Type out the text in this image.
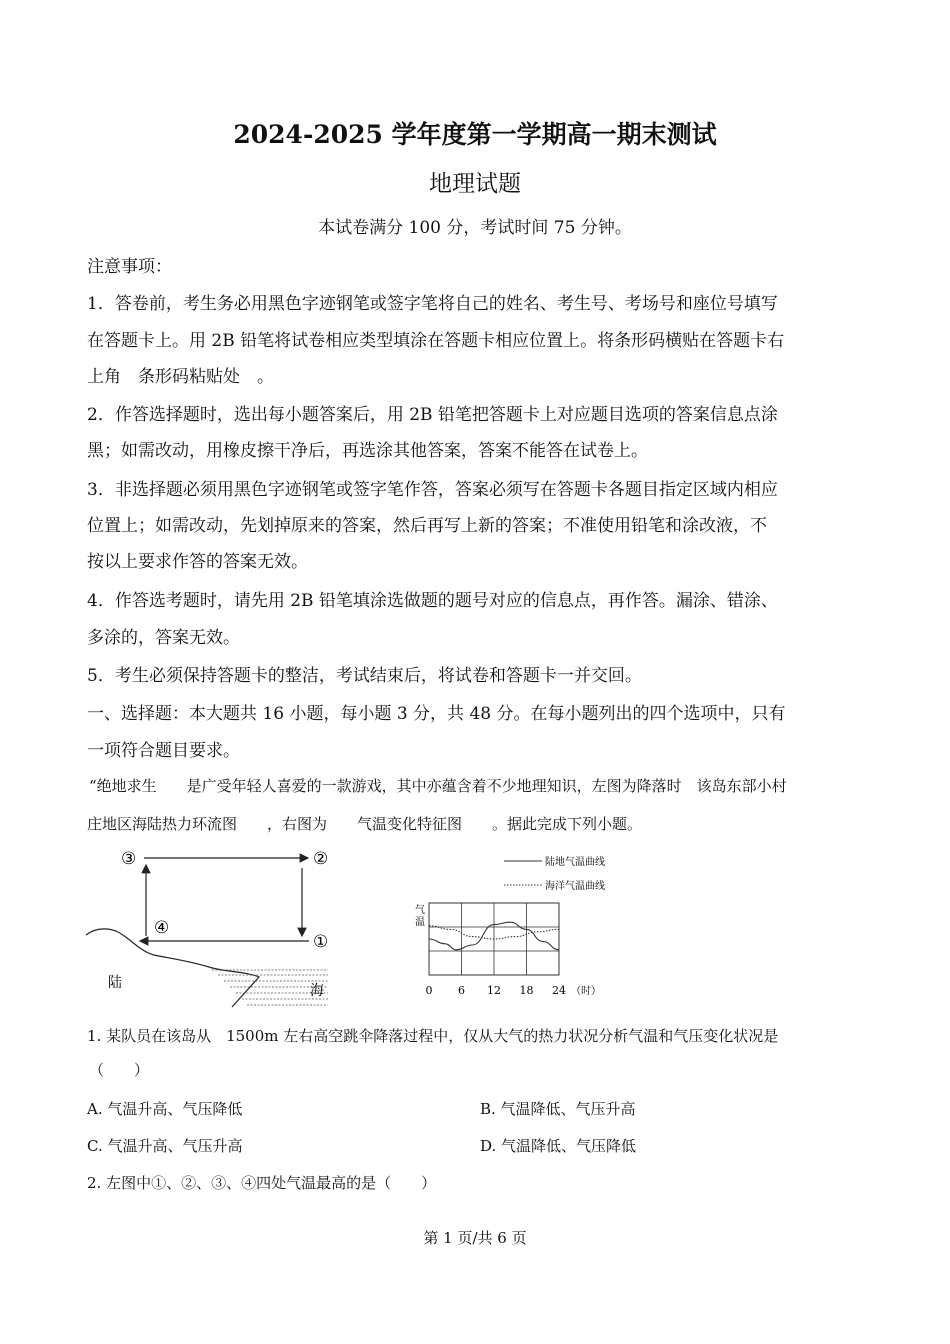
2024-2025 学年度第一学期高一期末测试
地理试题
本试卷满分 100 分，考试时间 75 分钟。
注意事项：
1．答卷前，考生务必用黑色字迹钢笔或签字笔将自己的姓名、考生号、考场号和座位号填写
在答题卡上。用 2B 铅笔将试卷相应类型填涂在答题卡相应位置上。将条形码横贴在答题卡右
上角　条形码粘贴处　。
2．作答选择题时，选出每小题答案后，用 2B 铅笔把答题卡上对应题目选项的答案信息点涂
黑；如需改动，用橡皮擦干净后，再选涂其他答案，答案不能答在试卷上。
3．非选择题必须用黑色字迹钢笔或签字笔作答，答案必须写在答题卡各题目指定区域内相应
位置上；如需改动，先划掉原来的答案，然后再写上新的答案；不准使用铅笔和涂改液，不
按以上要求作答的答案无效。
4．作答选考题时，请先用 2B 铅笔填涂选做题的题号对应的信息点，再作答。漏涂、错涂、
多涂的，答案无效。
5．考生必须保持答题卡的整洁，考试结束后，将试卷和答题卡一并交回。
一、选择题：本大题共 16 小题，每小题 3 分，共 48 分。在每小题列出的四个选项中，只有
一项符合题目要求。
“绝地求生　　是广受年轻人喜爱的一款游戏，其中亦蕴含着不少地理知识，左图为降落时　该岛东部小村
庄地区海陆热力环流图　　，右图为　　气温变化特征图　　。据此完成下列小题。
③	②
①
④
陆	海
陆地气温曲线
海洋气温曲线
气
温
0 6 12 18 24 （时）
1. 某队员在该岛从　1500m 左右高空跳伞降落过程中，仅从大气的热力状况分析气温和气压变化状况是
（　　）
A. 气温升高、气压降低	B. 气温降低、气压升高
C. 气温升高、气压升高	D. 气温降低、气压降低
2. 左图中①、②、③、④四处气温最高的是（　　）
第 1 页/共 6 页
